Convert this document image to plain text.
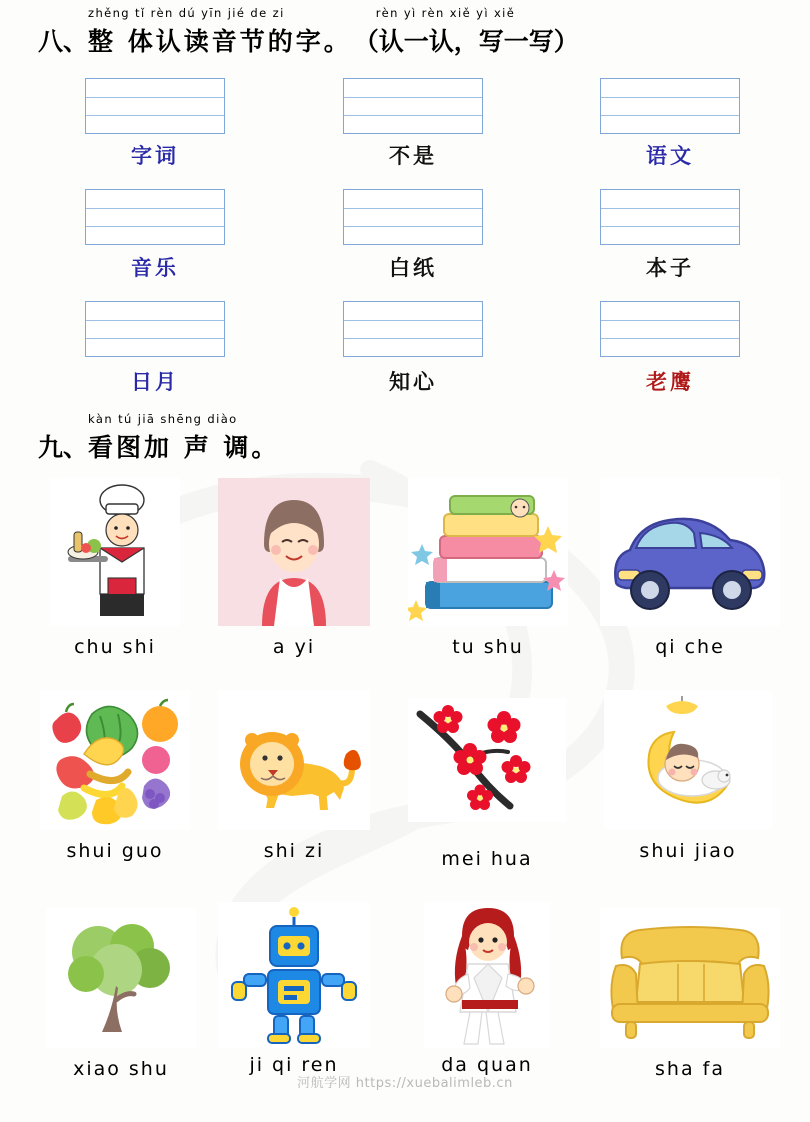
八、
zhěng tǐ rèn dú yīn jié de zi
整 体认读音节的字。
rèn yì rèn xiě yì xiě
（认一认，写一写）
字词	不是	语文
音乐	白纸	本子
日月	知心	老鹰
九、
kàn tú jiā shēng diào
看图加 声 调。
chu shi	a yi	tu shu	qi che
shui guo	shi zi	mei hua	shui jiao
xiao shu	ji qi ren	da quan	sha fa
河航学网 https://xuebalimleb.cn
